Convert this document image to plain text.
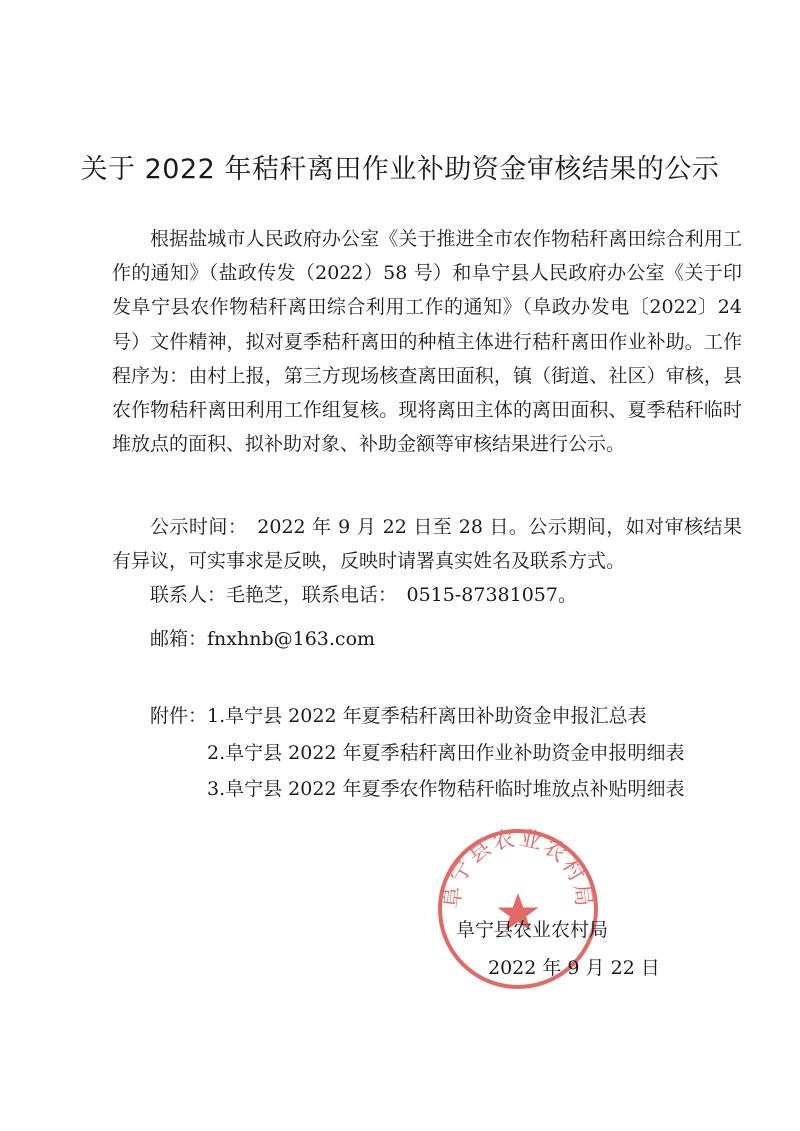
关于 2022 年秸秆离田作业补助资金审核结果的公示

根据盐城市人民政府办公室《关于推进全市农作物秸秆离田综合利用工作的通知》（盐政传发（2022）58 号）和阜宁县人民政府办公室《关于印发阜宁县农作物秸秆离田综合利用工作的通知》（阜政办发电〔2022〕24 号）文件精神，拟对夏季秸秆离田的种植主体进行秸秆离田作业补助。工作程序为：由村上报，第三方现场核查离田面积，镇（街道、社区）审核，县农作物秸秆离田利用工作组复核。现将离田主体的离田面积、夏季秸秆临时堆放点的面积、拟补助对象、补助金额等审核结果进行公示。

公示时间：　2022 年 9 月 22 日至 28 日。公示期间，如对审核结果有异议，可实事求是反映，反映时请署真实姓名及联系方式。

联系人：毛艳芝，联系电话：　0515-87381057。

邮箱：fnxhnb@163.com

附件：1.阜宁县 2022 年夏季秸秆离田补助资金申报汇总表

2.阜宁县 2022 年夏季秸秆离田作业补助资金申报明细表

3.阜宁县 2022 年夏季农作物秸秆临时堆放点补贴明细表

阜宁县农业农村局
阜宁县农业农村局
2022 年 9 月 22 日
